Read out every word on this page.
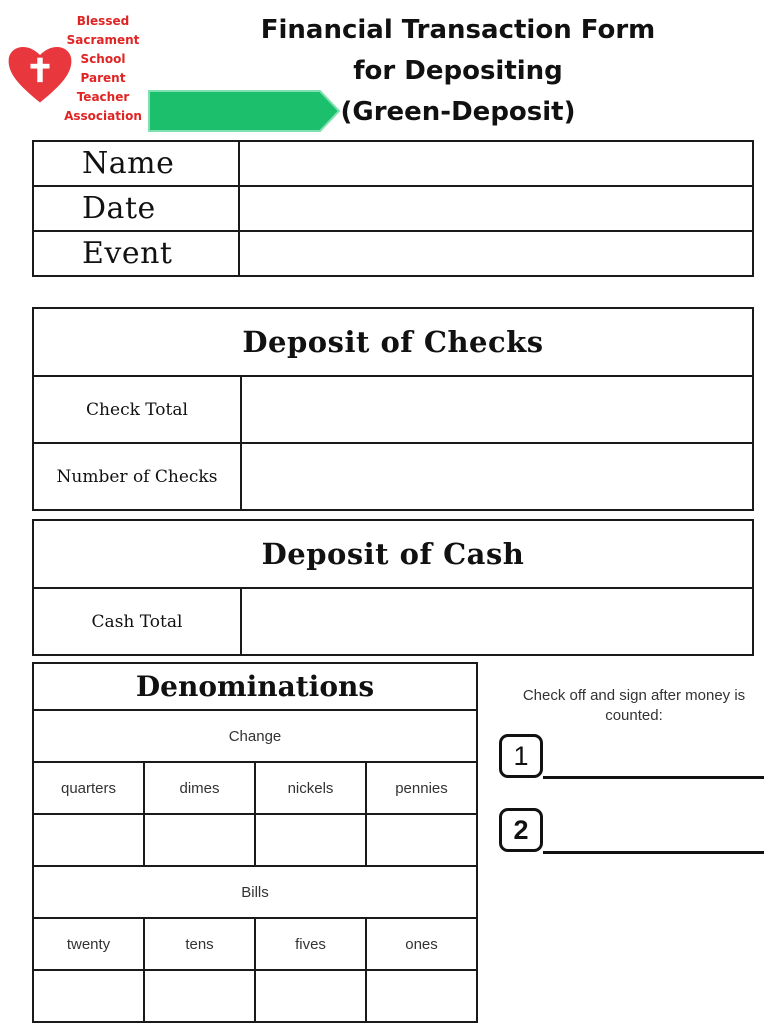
Blessed
Sacrament
School
Parent
Teacher
Association
Financial Transaction Form
for Depositing
(Green-Deposit)
Name	
Date	
Event	
Deposit of Checks	
Check Total	
Number of Checks	
Deposit of Cash
Cash Total	
Denominations			
Change			
quarters	dimes	nickels	pennies

Bills			
twenty	tens	fives	ones

Check off and sign after money is counted:
1
2
